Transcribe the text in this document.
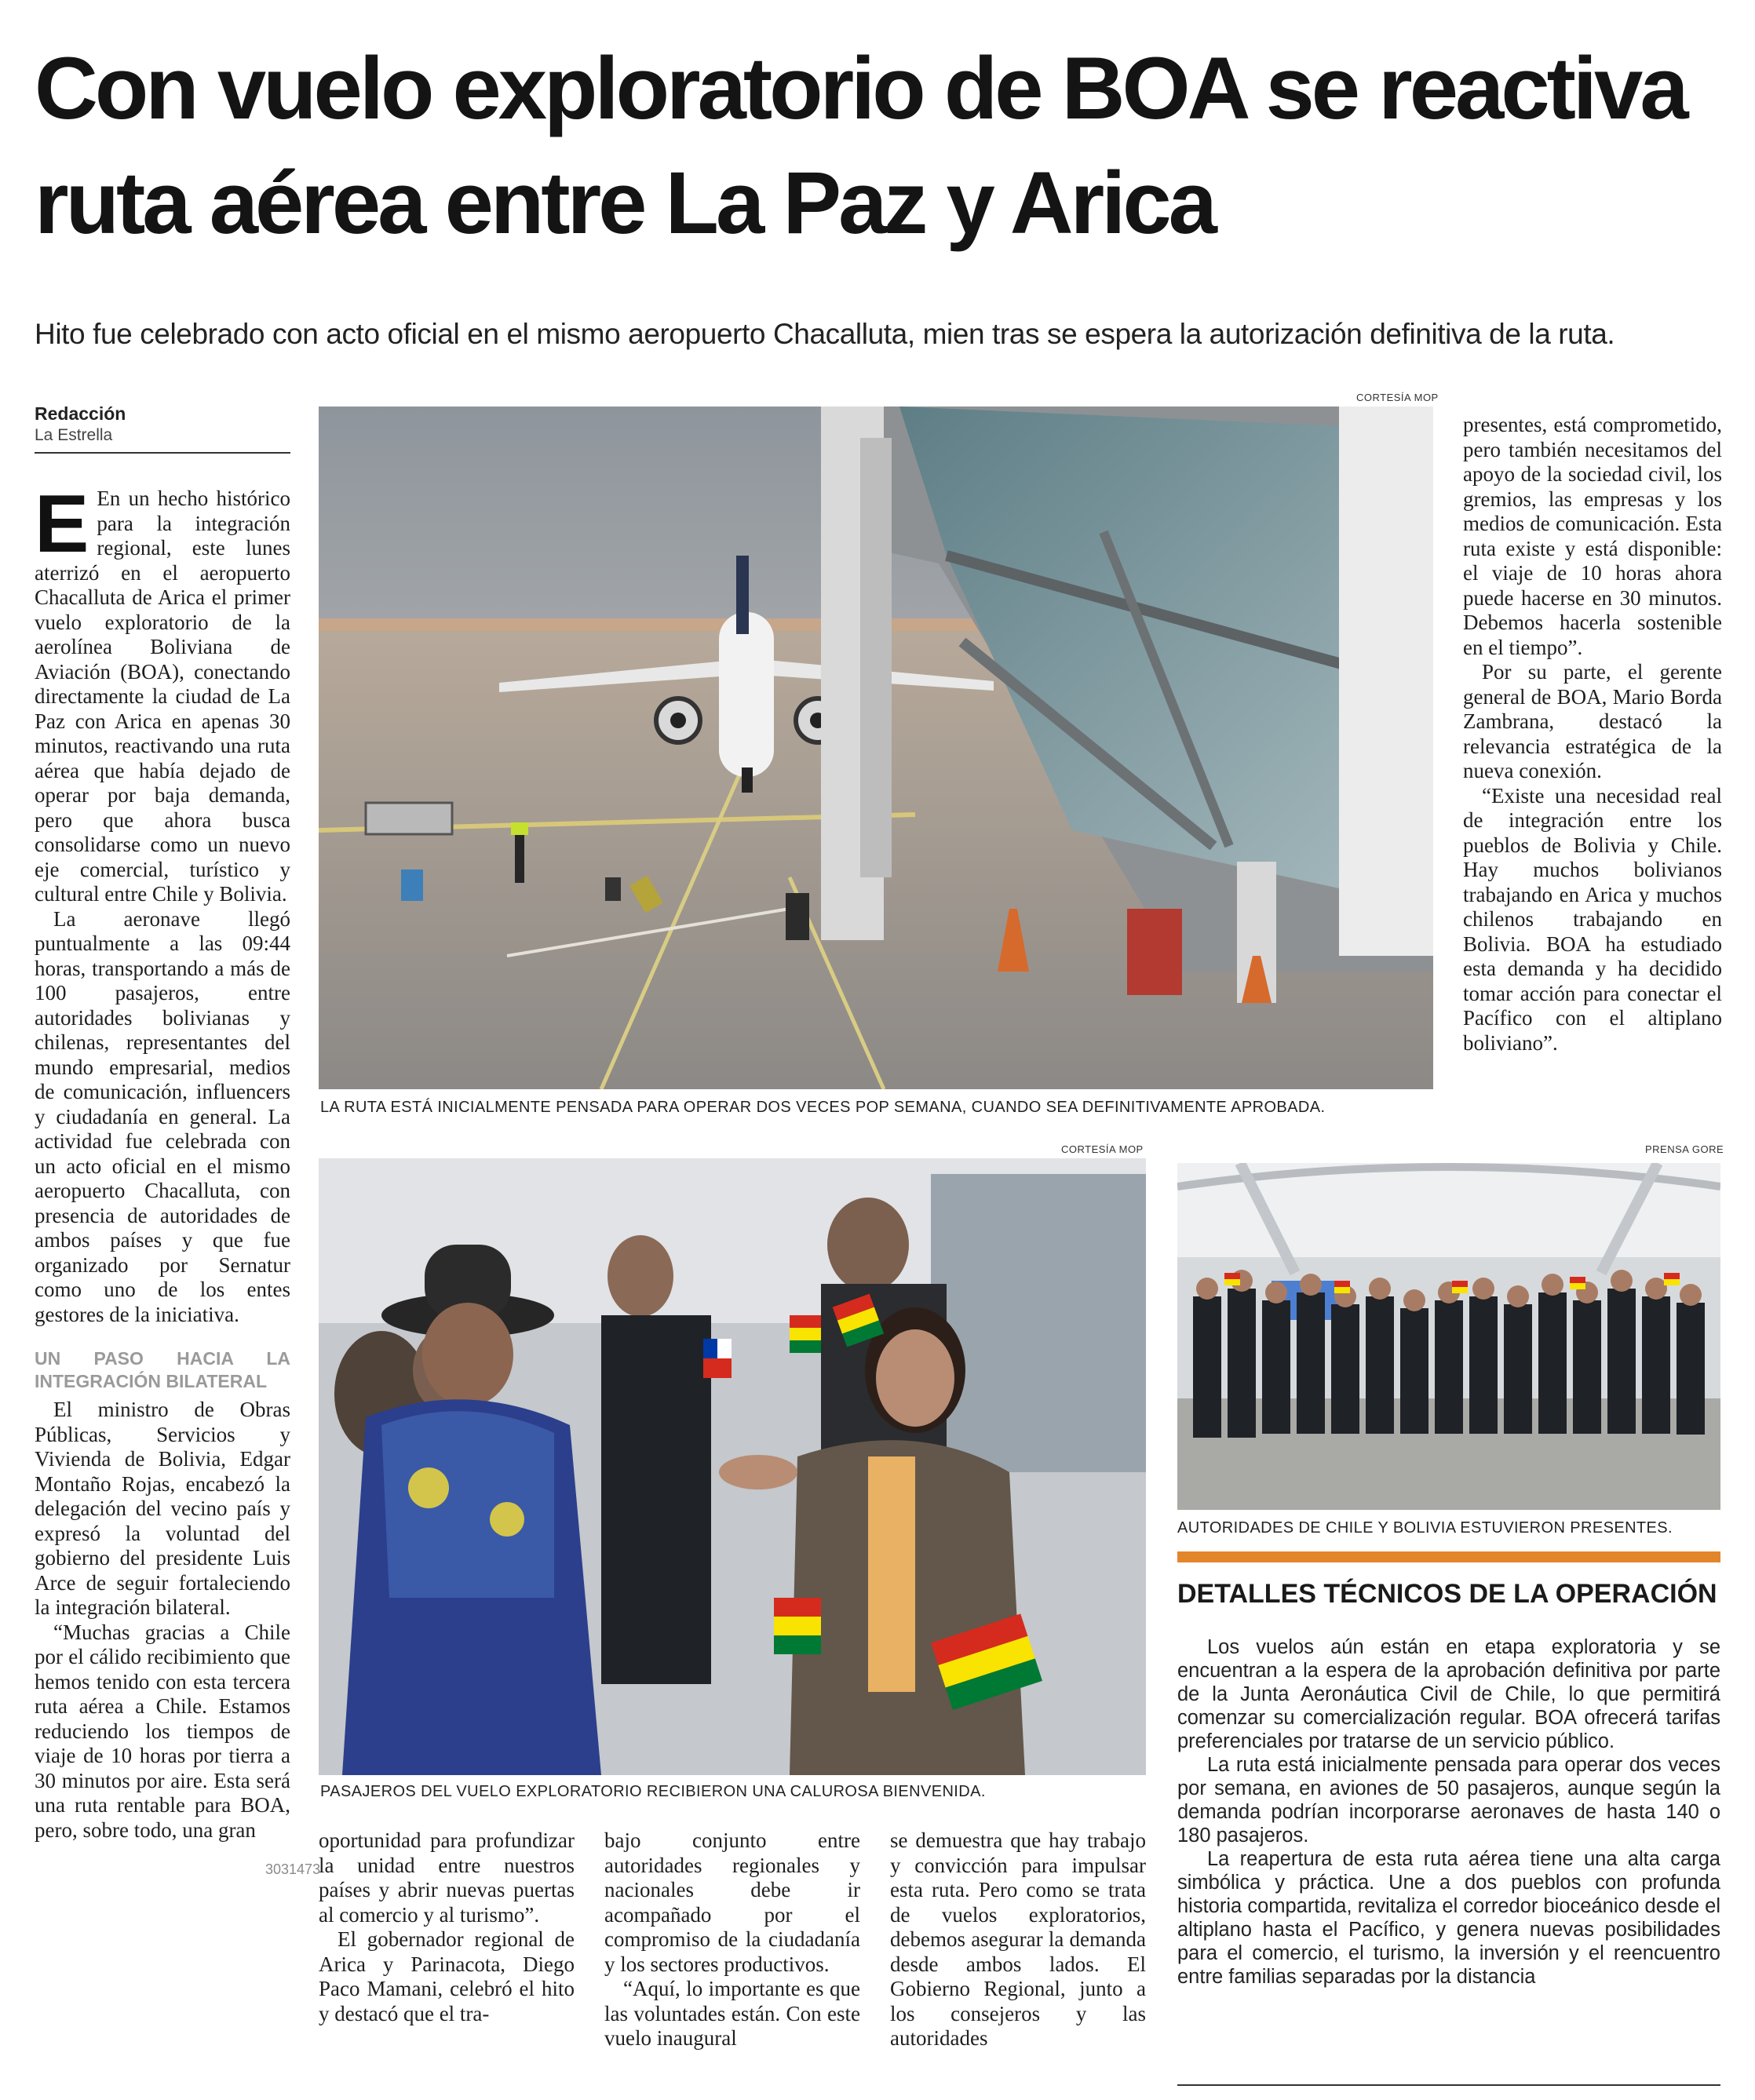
Con vuelo exploratorio de BOA se reactiva ruta aérea entre La Paz y Arica
Hito fue celebrado con acto oficial en el mismo aeropuerto Chacalluta, mien tras se espera la autorización definitiva de la ruta.
Redacción
La Estrella

E En un hecho histórico para la integración regional, este lunes aterrizó en el aeropuerto Chacalluta de Arica el primer vuelo exploratorio de la aerolínea Boliviana de Aviación (BOA), conectando directamente la ciudad de La Paz con Arica en apenas 30 minutos, reactivando una ruta aérea que había dejado de operar por baja demanda, pero que ahora busca consolidarse como un nuevo eje comercial, turístico y cultural entre Chile y Bolivia.

La aeronave llegó puntualmente a las 09:44 horas, transportando a más de 100 pasajeros, entre autoridades bolivianas y chilenas, representantes del mundo empresarial, medios de comunicación, influencers y ciudadanía en general. La actividad fue celebrada con un acto oficial en el mismo aeropuerto Chacalluta, con presencia de autoridades de ambos países y que fue organizado por Sernatur como uno de los entes gestores de la iniciativa.

UN PASO HACIA LA INTEGRACIÓN BILATERAL

El ministro de Obras Públicas, Servicios y Vivienda de Bolivia, Edgar Montaño Rojas, encabezó la delegación del vecino país y expresó la voluntad del gobierno del presidente Luis Arce de seguir fortaleciendo la integración bilateral.

“Muchas gracias a Chile por el cálido recibimiento que hemos tenido con esta tercera ruta aérea a Chile. Estamos reduciendo los tiempos de viaje de 10 horas por tierra a 30 minutos por aire. Esta será una ruta rentable para BOA, pero, sobre todo, una gran

CORTESÍA MOP
LA RUTA ESTÁ INICIALMENTE PENSADA PARA OPERAR DOS VECES POP SEMANA, CUANDO SEA DEFINITIVAMENTE APROBADA.

presentes, está comprometido, pero también necesitamos del apoyo de la sociedad civil, los gremios, las empresas y los medios de comunicación. Esta ruta existe y está disponible: el viaje de 10 horas ahora puede hacerse en 30 minutos. Debemos hacerla sostenible en el tiempo”.

Por su parte, el gerente general de BOA, Mario Borda Zambrana, destacó la relevancia estratégica de la nueva conexión.

“Existe una necesidad real de integración entre los pueblos de Bolivia y Chile. Hay muchos bolivianos trabajando en Arica y muchos chilenos trabajando en Bolivia. BOA ha estudiado esta demanda y ha decidido tomar acción para conectar el Pacífico con el altiplano boliviano”.

CORTESÍA MOP
PASAJEROS DEL VUELO EXPLORATORIO RECIBIERON UNA CALUROSA BIENVENIDA.
PRENSA GORE
AUTORIDADES DE CHILE Y BOLIVIA ESTUVIERON PRESENTES.

oportunidad para profundizar la unidad entre nuestros países y abrir nuevas puertas al comercio y al turismo”.

El gobernador regional de Arica y Parinacota, Diego Paco Mamani, celebró el hito y destacó que el tra-

bajo conjunto entre autoridades regionales y nacionales debe ir acompañado por el compromiso de la ciudadanía y los sectores productivos.

“Aquí, lo importante es que las voluntades están. Con este vuelo inaugural

se demuestra que hay trabajo y convicción para impulsar esta ruta. Pero como se trata de vuelos exploratorios, debemos asegurar la demanda desde ambos lados. El Gobierno Regional, junto a los consejeros y las autoridades

3031473
DETALLES TÉCNICOS DE LA OPERACIÓN

Los vuelos aún están en etapa exploratoria y se encuentran a la espera de la aprobación definitiva por parte de la Junta Aeronáutica Civil de Chile, lo que permitirá comenzar su comercialización regular. BOA ofrecerá tarifas preferenciales por tratarse de un servicio público.

La ruta está inicialmente pensada para operar dos veces por semana, en aviones de 50 pasajeros, aunque según la demanda podrían incorporarse aeronaves de hasta 140 o 180 pasajeros.

La reapertura de esta ruta aérea tiene una alta carga simbólica y práctica. Une a dos pueblos con profunda historia compartida, revitaliza el corredor bioceánico desde el altiplano hasta el Pacífico, y genera nuevas posibilidades para el comercio, el turismo, la inversión y el reencuentro entre familias separadas por la distancia
